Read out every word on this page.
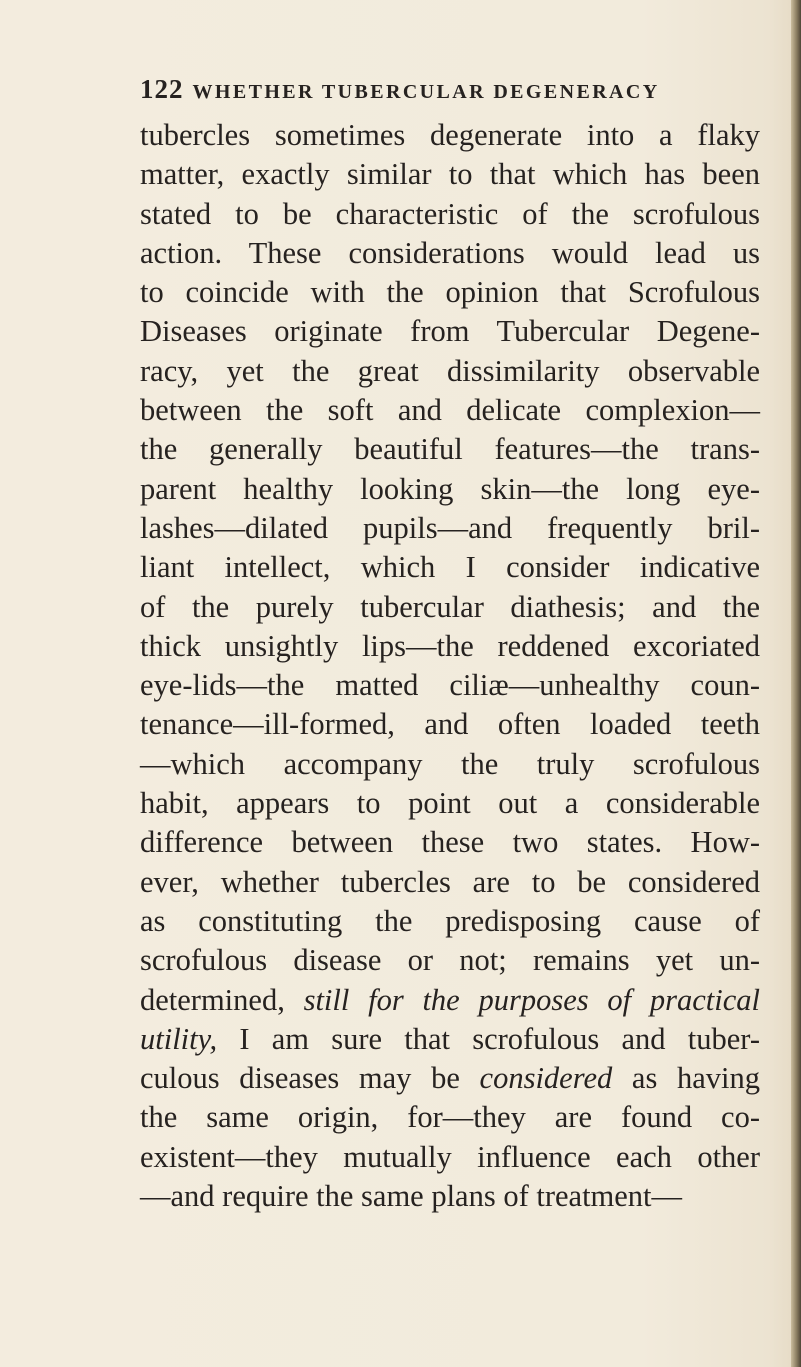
122 WHETHER TUBERCULAR DEGENERACY
tubercles sometimes degenerate into a flaky
matter, exactly similar to that which has been
stated to be characteristic of the scrofulous
action. These considerations would lead us
to coincide with the opinion that Scrofulous
Diseases originate from Tubercular Degene-
racy, yet the great dissimilarity observable
between the soft and delicate complexion—
the generally beautiful features—the trans-
parent healthy looking skin—the long eye-
lashes—dilated pupils—and frequently bril-
liant intellect, which I consider indicative
of the purely tubercular diathesis; and the
thick unsightly lips—the reddened excoriated
eye-lids—the matted ciliæ—unhealthy coun-
tenance—ill-formed, and often loaded teeth
—which accompany the truly scrofulous
habit, appears to point out a considerable
difference between these two states. How-
ever, whether tubercles are to be considered
as constituting the predisposing cause of
scrofulous disease or not; remains yet un-
determined, still for the purposes of practical
utility, I am sure that scrofulous and tuber-
culous diseases may be considered as having
the same origin, for—they are found co-
existent—they mutually influence each other
—and require the same plans of treatment—
